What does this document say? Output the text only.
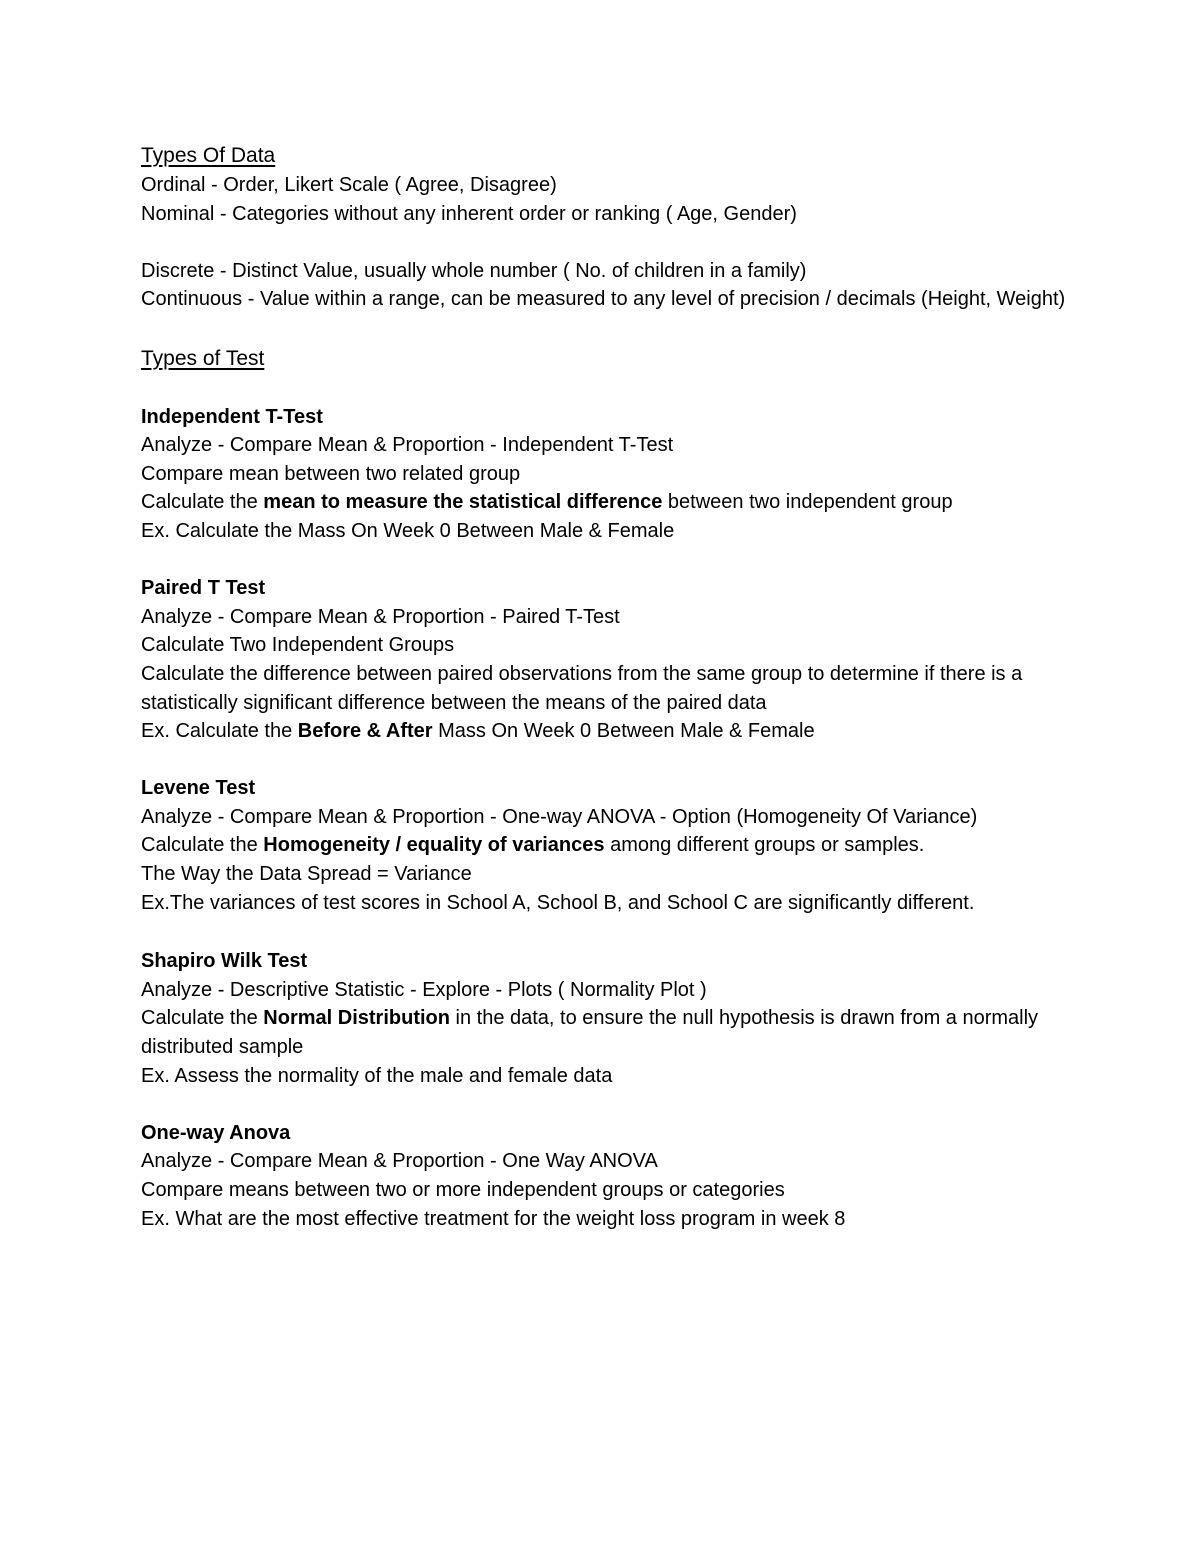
Types Of Data

Ordinal - Order, Likert Scale ( Agree, Disagree)

Nominal - Categories without any inherent order or ranking ( Age, Gender)

Discrete - Distinct Value, usually whole number ( No. of children in a family)

Continuous - Value within a range, can be measured to any level of precision / decimals (Height, Weight)

Types of Test

Independent T-Test

Analyze - Compare Mean & Proportion - Independent T-Test

Compare mean between two related group

Calculate the mean to measure the statistical difference between two independent group

Ex. Calculate the Mass On Week 0 Between Male & Female

Paired T Test

Analyze - Compare Mean & Proportion - Paired T-Test

Calculate Two Independent Groups

Calculate the difference between paired observations from the same group to determine if there is a statistically significant difference between the means of the paired data

Ex. Calculate the Before & After Mass On Week 0 Between Male & Female

Levene Test

Analyze - Compare Mean & Proportion - One-way ANOVA - Option (Homogeneity Of Variance)

Calculate the Homogeneity / equality of variances among different groups or samples.

The Way the Data Spread = Variance

Ex.The variances of test scores in School A, School B, and School C are significantly different.

Shapiro Wilk Test

Analyze - Descriptive Statistic - Explore - Plots ( Normality Plot )

Calculate the Normal Distribution in the data, to ensure the null hypothesis is drawn from a normally distributed sample

Ex. Assess the normality of the male and female data

One-way Anova

Analyze - Compare Mean & Proportion - One Way ANOVA

Compare means between two or more independent groups or categories

Ex. What are the most effective treatment for the weight loss program in week 8
